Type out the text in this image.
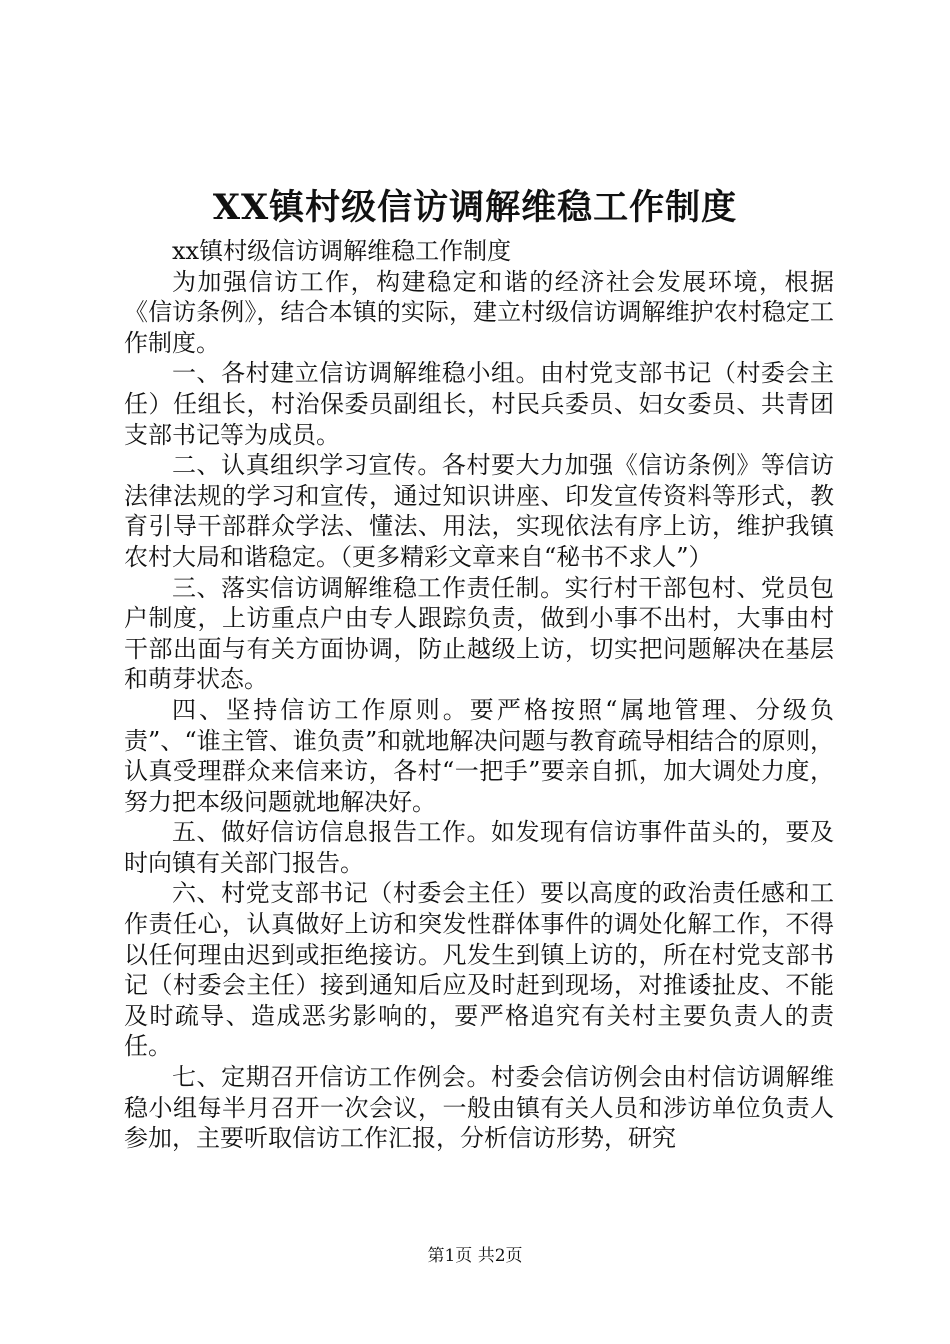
XX镇村级信访调解维稳工作制度

xx镇村级信访调解维稳工作制度

为加强信访工作，构建稳定和谐的经济社会发展环境，根据《信访条例》，结合本镇的实际，建立村级信访调解维护农村稳定工作制度。

一、各村建立信访调解维稳小组。由村党支部书记（村委会主任）任组长，村治保委员副组长，村民兵委员、妇女委员、共青团支部书记等为成员。

二、认真组织学习宣传。各村要大力加强《信访条例》等信访法律法规的学习和宣传，通过知识讲座、印发宣传资料等形式，教育引导干部群众学法、懂法、用法，实现依法有序上访，维护我镇农村大局和谐稳定。（更多精彩文章来自“秘书不求人”）

三、落实信访调解维稳工作责任制。实行村干部包村、党员包户制度，上访重点户由专人跟踪负责，做到小事不出村，大事由村干部出面与有关方面协调，防止越级上访，切实把问题解决在基层和萌芽状态。

四、坚持信访工作原则。要严格按照“属地管理、分级负责”、“谁主管、谁负责”和就地解决问题与教育疏导相结合的原则，认真受理群众来信来访，各村“一把手”要亲自抓，加大调处力度，努力把本级问题就地解决好。

五、做好信访信息报告工作。如发现有信访事件苗头的，要及时向镇有关部门报告。

六、村党支部书记（村委会主任）要以高度的政治责任感和工作责任心，认真做好上访和突发性群体事件的调处化解工作，不得以任何理由迟到或拒绝接访。凡发生到镇上访的，所在村党支部书记（村委会主任）接到通知后应及时赶到现场，对推诿扯皮、不能及时疏导、造成恶劣影响的，要严格追究有关村主要负责人的责任。

七、定期召开信访工作例会。村委会信访例会由村信访调解维稳小组每半月召开一次会议，一般由镇有关人员和涉访单位负责人参加，主要听取信访工作汇报，分析信访形势，研究

第1页 共2页
